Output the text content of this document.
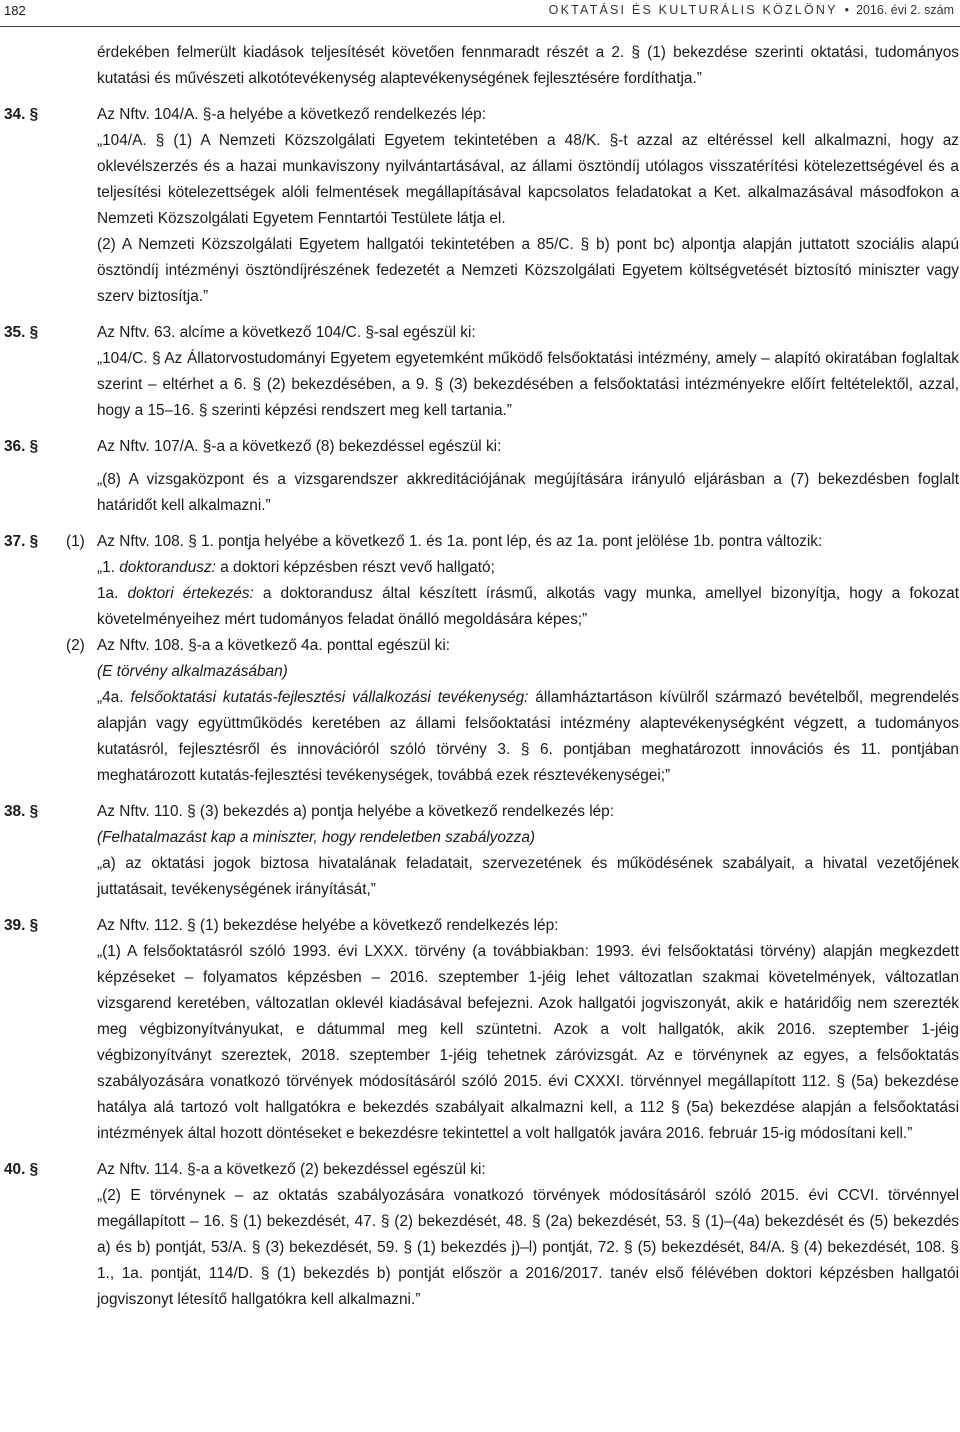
182	OKTATÁSI ÉS KULTURÁLIS KÖZLÖNY • 2016. évi 2. szám
érdekében felmerült kiadások teljesítését követően fennmaradt részét a 2. § (1) bekezdése szerinti oktatási, tudományos kutatási és művészeti alkotótevékenység alaptevékenységének fejlesztésére fordíthatja.”
34. §	Az Nftv. 104/A. §-a helyébe a következő rendelkezés lép:
„104/A. § (1) A Nemzeti Közszolgálati Egyetem tekintetében a 48/K. §-t azzal az eltéréssel kell alkalmazni, hogy az oklevélszerzés és a hazai munkaviszony nyilvántartásával, az állami ösztöndíj utólagos visszatérítési kötelezettségével és a teljesítési kötelezettségek alóli felmentések megállapításával kapcsolatos feladatokat a Ket. alkalmazásával másodfokon a Nemzeti Közszolgálati Egyetem Fenntartói Testülete látja el.
(2) A Nemzeti Közszolgálati Egyetem hallgatói tekintetében a 85/C. § b) pont bc) alpontja alapján juttatott szociális alapú ösztöndíj intézményi ösztöndíjrészének fedezetét a Nemzeti Közszolgálati Egyetem költségvetését biztosító miniszter vagy szerv biztosítja.”
35. §	Az Nftv. 63. alcíme a következő 104/C. §-sal egészül ki:
„104/C. § Az Állatorvostudományi Egyetem egyetemként működő felsőoktatási intézmény, amely – alapító okiratában foglaltak szerint – eltérhet a 6. § (2) bekezdésében, a 9. § (3) bekezdésében a felsőoktatási intézményekre előírt feltételektől, azzal, hogy a 15–16. § szerinti képzési rendszert meg kell tartania.”
36. §	Az Nftv. 107/A. §-a a következő (8) bekezdéssel egészül ki:
„(8) A vizsgaközpont és a vizsgarendszer akkreditációjának megújítására irányuló eljárásban a (7) bekezdésben foglalt határidőt kell alkalmazni.”
37. § (1) Az Nftv. 108. § 1. pontja helyébe a következő 1. és 1a. pont lép, és az 1a. pont jelölése 1b. pontra változik:
„1. doktorandusz: a doktori képzésben részt vevő hallgató;
1a. doktori értekezés: a doktorandusz által készített írásmű, alkotás vagy munka, amellyel bizonyítja, hogy a fokozat követelményeihez mért tudományos feladat önálló megoldására képes;”
(2) Az Nftv. 108. §-a a következő 4a. ponttal egészül ki:
(E törvény alkalmazásában)
„4a. felsőoktatási kutatás-fejlesztési vállalkozási tevékenység: államháztartáson kívülről származó bevételből, megrendelés alapján vagy együttműködés keretében az állami felsőoktatási intézmény alaptevékenységként végzett, a tudományos kutatásról, fejlesztésről és innovációról szóló törvény 3. § 6. pontjában meghatározott innovációs és 11. pontjában meghatározott kutatás-fejlesztési tevékenységek, továbbá ezek résztevékenységei;”
38. §	Az Nftv. 110. § (3) bekezdés a) pontja helyébe a következő rendelkezés lép:
(Felhatalmazást kap a miniszter, hogy rendeletben szabályozza)
„a) az oktatási jogok biztosa hivatalának feladatait, szervezetének és működésének szabályait, a hivatal vezetőjének juttatásait, tevékenységének irányítását,”
39. §	Az Nftv. 112. § (1) bekezdése helyébe a következő rendelkezés lép:
„(1) A felsőoktatásról szóló 1993. évi LXXX. törvény (a továbbiakban: 1993. évi felsőoktatási törvény) alapján megkezdett képzéseket – folyamatos képzésben – 2016. szeptember 1-jéig lehet változatlan szakmai követelmények, változatlan vizsgarend keretében, változatlan oklevél kiadásával befejezni. Azok hallgatói jogviszonyát, akik e határidőig nem szerezték meg végbizonyítványukat, e dátummal meg kell szüntetni. Azok a volt hallgatók, akik 2016. szeptember 1-jéig végbizonyítványt szereztek, 2018. szeptember 1-jéig tehetnek záróvizsgát. Az e törvénynek az egyes, a felsőoktatás szabályozására vonatkozó törvények módosításáról szóló 2015. évi CXXXI. törvénnyel megállapított 112. § (5a) bekezdése hatálya alá tartozó volt hallgatókra e bekezdés szabályait alkalmazni kell, a 112 § (5a) bekezdése alapján a felsőoktatási intézmények által hozott döntéseket e bekezdésre tekintettel a volt hallgatók javára 2016. február 15-ig módosítani kell.”
40. §	Az Nftv. 114. §-a a következő (2) bekezdéssel egészül ki:
„(2) E törvénynek – az oktatás szabályozására vonatkozó törvények módosításáról szóló 2015. évi CCVI. törvénnyel megállapított – 16. § (1) bekezdését, 47. § (2) bekezdését, 48. § (2a) bekezdését, 53. § (1)–(4a) bekezdését és (5) bekezdés a) és b) pontját, 53/A. § (3) bekezdését, 59. § (1) bekezdés j)–l) pontját, 72. § (5) bekezdését, 84/A. § (4) bekezdését, 108. § 1., 1a. pontját, 114/D. § (1) bekezdés b) pontját először a 2016/2017. tanév első félévében doktori képzésben hallgatói jogviszonyt létesítő hallgatókra kell alkalmazni.”
